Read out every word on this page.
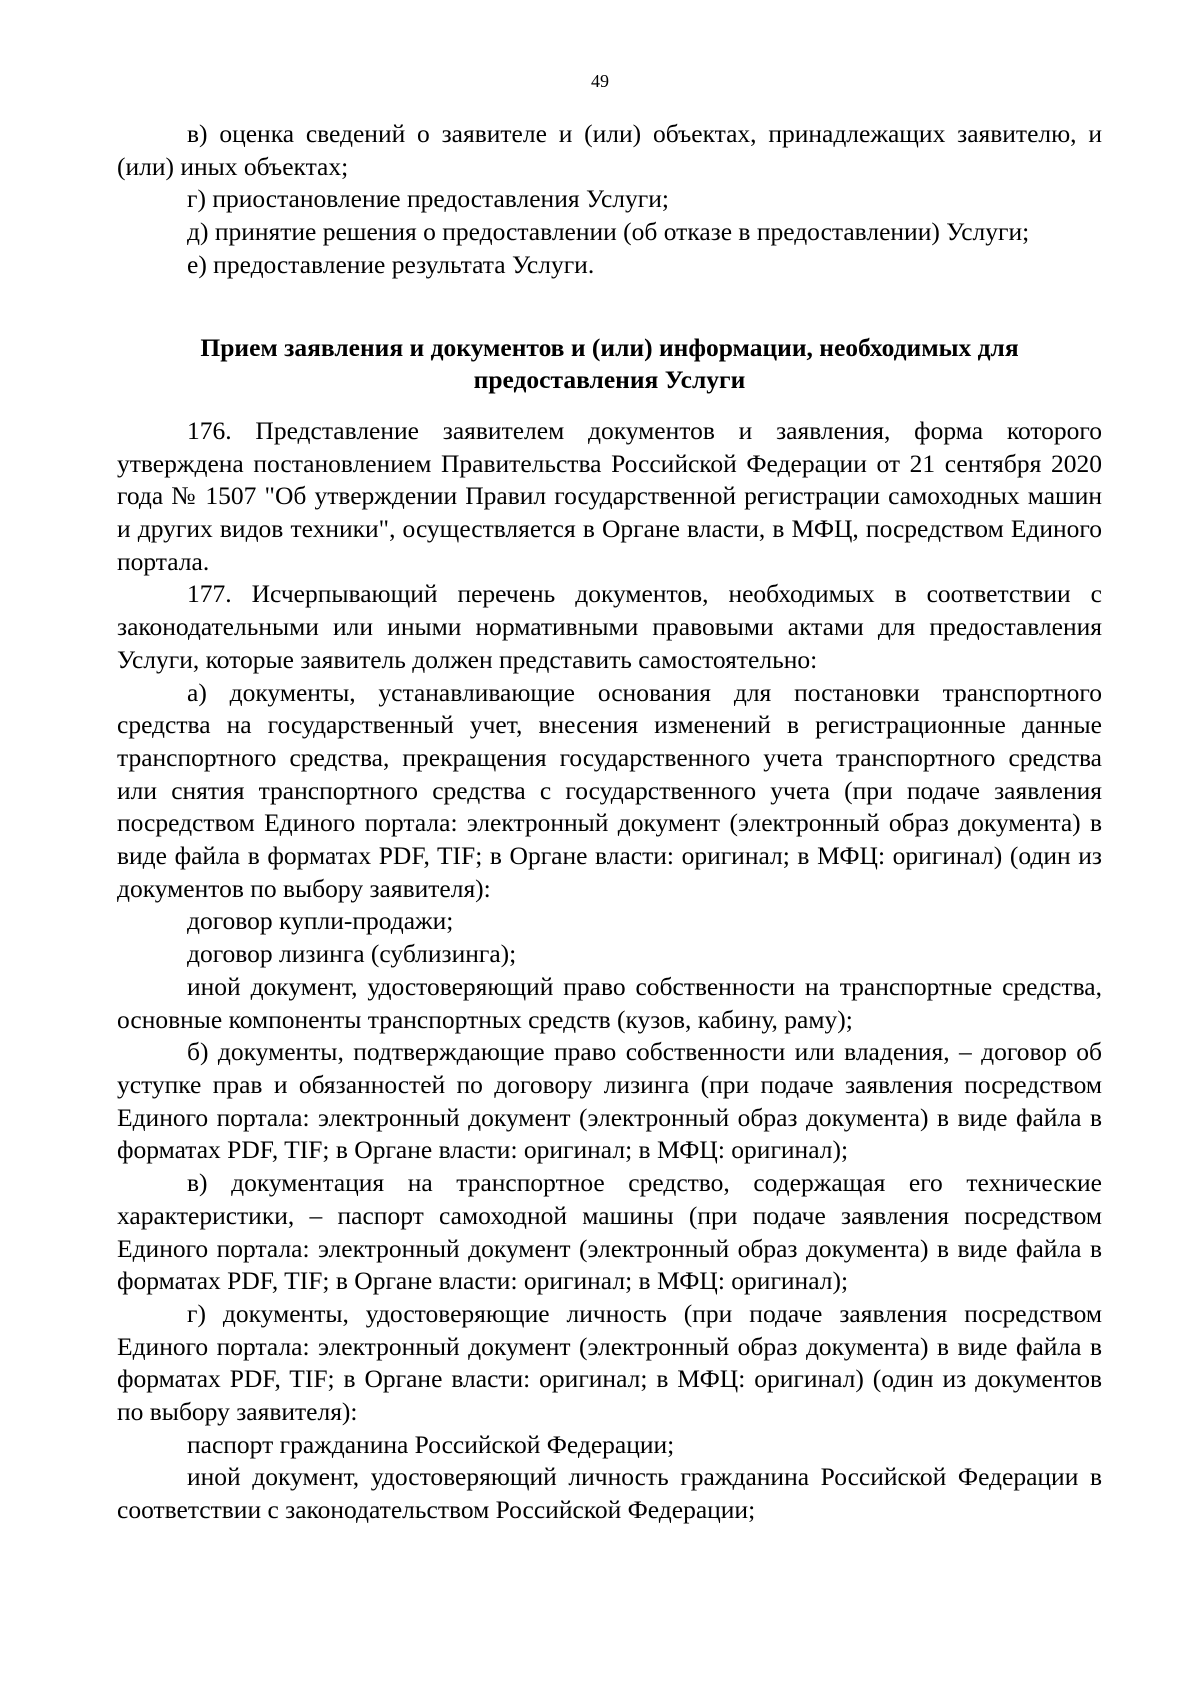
49

в) оценка сведений о заявителе и (или) объектах, принадлежащих заявителю, и (или) иных объектах;

г) приостановление предоставления Услуги;

д) принятие решения о предоставлении (об отказе в предоставлении) Услуги;

е) предоставление результата Услуги.

Прием заявления и документов и (или) информации, необходимых для
предоставления Услуги

176. Представление заявителем документов и заявления, форма которого утверждена постановлением Правительства Российской Федерации от 21 сентября 2020 года № 1507 "Об утверждении Правил государственной регистрации самоходных машин и других видов техники", осуществляется в Органе власти, в МФЦ, посредством Единого портала.

177. Исчерпывающий перечень документов, необходимых в соответствии с законодательными или иными нормативными правовыми актами для предоставления Услуги, которые заявитель должен представить самостоятельно:

а) документы, устанавливающие основания для постановки транспортного средства на государственный учет, внесения изменений в регистрационные данные транспортного средства, прекращения государственного учета транспортного средства или снятия транспортного средства с государственного учета (при подаче заявления посредством Единого портала: электронный документ (электронный образ документа) в виде файла в форматах PDF, TIF; в Органе власти: оригинал; в МФЦ: оригинал) (один из документов по выбору заявителя):

договор купли-продажи;

договор лизинга (сублизинга);

иной документ, удостоверяющий право собственности на транспортные средства, основные компоненты транспортных средств (кузов, кабину, раму);

б) документы, подтверждающие право собственности или владения, – договор об уступке прав и обязанностей по договору лизинга (при подаче заявления посредством Единого портала: электронный документ (электронный образ документа) в виде файла в форматах PDF, TIF; в Органе власти: оригинал; в МФЦ: оригинал);

в) документация на транспортное средство, содержащая его технические характеристики, – паспорт самоходной машины (при подаче заявления посредством Единого портала: электронный документ (электронный образ документа) в виде файла в форматах PDF, TIF; в Органе власти: оригинал; в МФЦ: оригинал);

г) документы, удостоверяющие личность (при подаче заявления посредством Единого портала: электронный документ (электронный образ документа) в виде файла в форматах PDF, TIF; в Органе власти: оригинал; в МФЦ: оригинал) (один из документов по выбору заявителя):

паспорт гражданина Российской Федерации;

иной документ, удостоверяющий личность гражданина Российской Федерации в соответствии с законодательством Российской Федерации;
